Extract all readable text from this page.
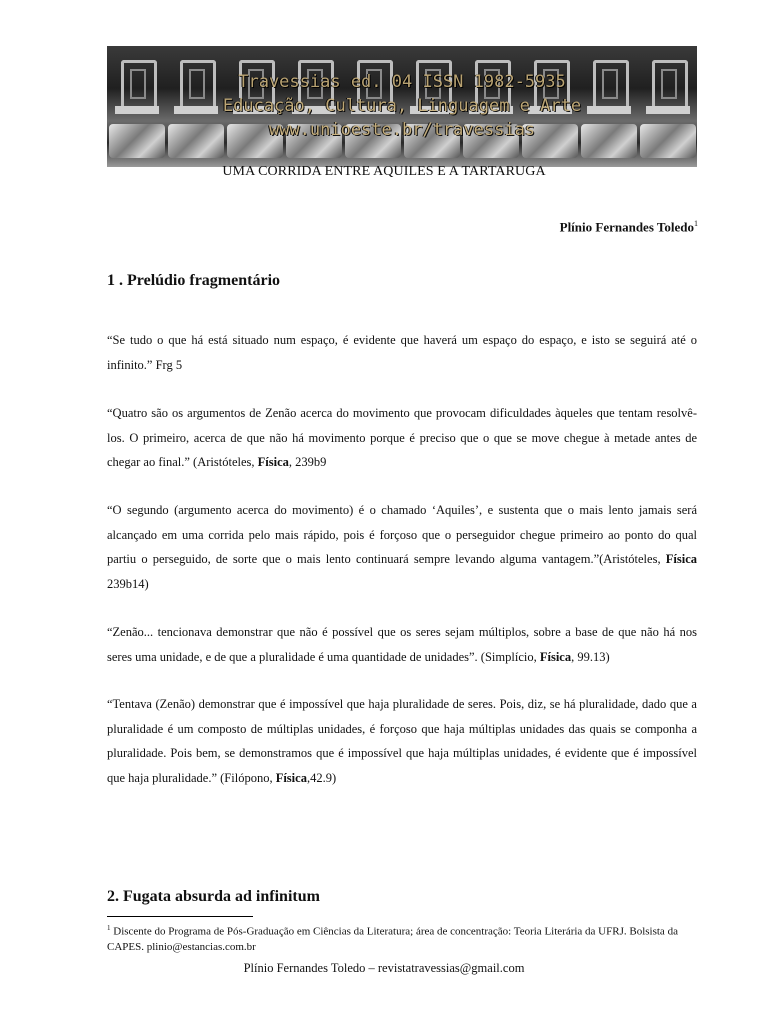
Travessias ed. 04 ISSN 1982-5935
Educação, Cultura, Linguagem e Arte
www.unioeste.br/travessias

UMA CORRIDA ENTRE AQUILES E A TARTARUGA

Plínio Fernandes Toledo$^1$

1 . Prelúdio fragmentário

“Se tudo o que há está situado num espaço, é evidente que haverá um espaço do espaço, e isto se seguirá até o infinito.” Frg 5

“Quatro são os argumentos de Zenão acerca do movimento que provocam dificuldades àqueles que tentam resolvê-los. O primeiro, acerca de que não há movimento porque é preciso que o que se move chegue à metade antes de chegar ao final.” (Aristóteles, Física, 239b9

“O segundo (argumento acerca do movimento) é o chamado ‘Aquiles’, e sustenta que o mais lento jamais será alcançado em uma corrida pelo mais rápido, pois é forçoso que o perseguidor chegue primeiro ao ponto do qual partiu o perseguido, de sorte que o mais lento continuará sempre levando alguma vantagem.”(Aristóteles, Física 239b14)

“Zenão... tencionava demonstrar que não é possível que os seres sejam múltiplos, sobre a base de que não há nos seres uma unidade, e de que a pluralidade é uma quantidade de unidades”. (Simplício, Física, 99.13)

“Tentava (Zenão) demonstrar que é impossível que haja pluralidade de seres. Pois, diz, se há pluralidade, dado que a pluralidade é um composto de múltiplas unidades, é forçoso que haja múltiplas unidades das quais se componha a pluralidade. Pois bem, se demonstramos que é impossível que haja múltiplas unidades, é evidente que é impossível que haja pluralidade.” (Filópono, Física,42.9)

2. Fugata absurda ad infinitum

$^1$ Discente do Programa de Pós-Graduação em Ciências da Literatura; área de concentração: Teoria Literária da UFRJ. Bolsista da CAPES. plinio@estancias.com.br

Plínio Fernandes Toledo – revistatravessias@gmail.com
